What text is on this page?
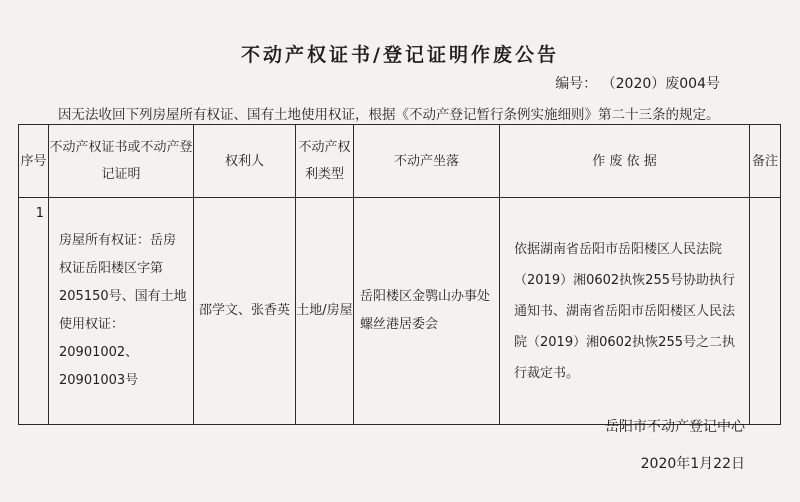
不动产权证书/登记证明作废公告
编号： （2020）废004号
因无法收回下列房屋所有权证、国有土地使用权证，根据《不动产登记暂行条例实施细则》第二十三条的规定。
序号	不动产权证书或不动产登记证明	权利人	不动产权利类型	不动产坐落	作 废 依 据	备注
1	房屋所有权证：岳房权证岳阳楼区字第205150号、国有土地使用权证：20901002、20901003号	邵学文、张香英	土地/房屋	岳阳楼区金鹗山办事处螺丝港居委会	依据湖南省岳阳市岳阳楼区人民法院（2019）湘0602执恢255号协助执行通知书、湖南省岳阳市岳阳楼区人民法院（2019）湘0602执恢255号之二执行裁定书。	
岳阳市不动产登记中心
2020年1月22日
